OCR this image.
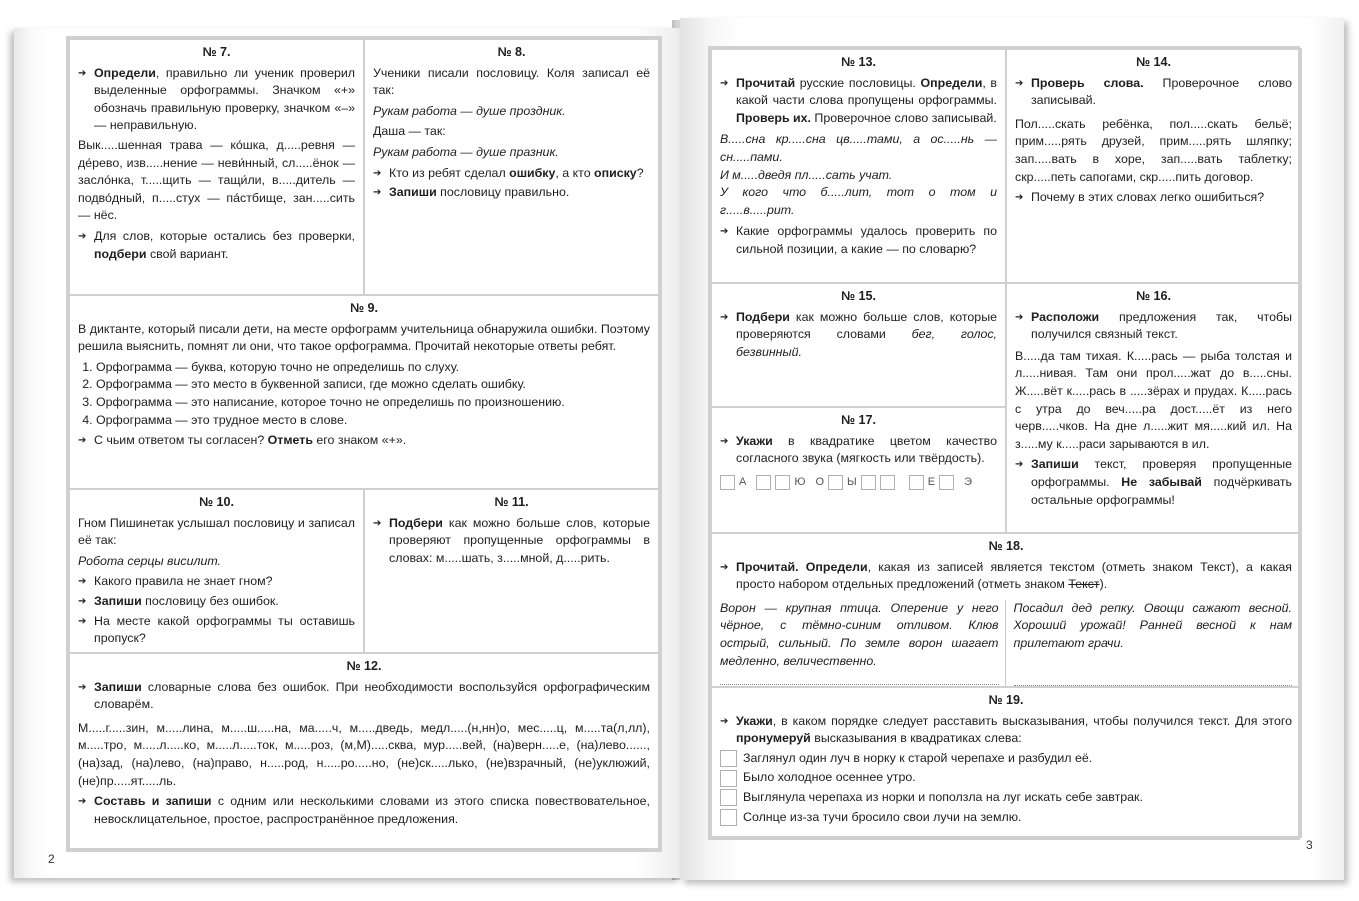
№ 7.
➔ Определи, правильно ли ученик проверил выделенные орфограммы. Значком «+» обозначь правильную проверку, значком «–» — неправильную.

Вык.....шенная трава — ко́шка, д.....ревня — де́рево, изв.....нение — неви́нный, сл.....ёнок — засло́нка, т.....щить — тащи́ли, в.....дитель — подво́дный, п.....стух — па́стбище, зан.....сить — нёс.

➔ Для слов, которые остались без проверки, подбери свой вариант.
№ 8.

Ученики писали пословицу. Коля записал её так:

Рукам работа — душе проздник.

Даша — так:

Рукам работа — душе празник.

➔ Кто из ребят сделал ошибку, а кто описку?
➔ Запиши пословицу правильно.
№ 9.

В диктанте, который писали дети, на месте орфограмм учительница обнаружила ошибки. Поэтому решила выяснить, помнят ли они, что такое орфограмма. Прочитай некоторые ответы ребят.

1. Орфограмма — буква, которую точно не определишь по слуху.
2. Орфограмма — это место в буквенной записи, где можно сделать ошибку.
3. Орфограмма — это написание, которое точно не определишь по произношению.
4. Орфограмма — это трудное место в слове.
➔ С чьим ответом ты согласен? Отметь его знаком «+».
№ 10.

Гном Пишинетак услышал пословицу и записал её так:

Робота серцы висилит.

➔ Какого правила не знает гном?
➔ Запиши пословицу без ошибок.
➔ На месте какой орфограммы ты оставишь пропуск?
№ 11.
➔ Подбери как можно больше слов, которые проверяют пропущенные орфограммы в словах: м.....шать, з.....мной, д.....рить.
№ 12.
➔ Запиши словарные слова без ошибок. При необходимости воспользуйся орфографическим словарём.

М.....г.....зин, м.....лина, м.....ш.....на, ма.....ч, м.....дведь, медл.....(н,нн)о, мес.....ц, м.....та(л,лл), м.....тро, м.....л.....ко, м.....л.....ток, м.....роз, (м,М).....сква, мур.....вей, (на)верн.....е, (на)лево......, (на)зад, (на)лево, (на)право, н.....род, н.....ро.....но, (не)ск.....лько, (не)взрачный, (не)уклюжий, (не)пр.....ят.....ль.

➔ Составь и запиши с одним или несколькими словами из этого списка повествовательное, невосклицательное, простое, распространённое предложения.
2
№ 13.
➔ Прочитай русские пословицы. Определи, в какой части слова пропущены орфограммы. Проверь их. Проверочное слово записывай.

В.....сна кр.....сна цв.....тами, а ос.....нь — сн.....пами.

И м.....дведя пл.....сать учат.

У кого что б.....лит, тот о том и г.....в.....рит.

➔ Какие орфограммы удалось проверить по сильной позиции, а какие — по словарю?
№ 14.
➔ Проверь слова. Проверочное слово записывай.

Пол.....скать ребёнка, пол.....скать бельё; прим.....рять друзей, прим.....рять шляпку; зап.....вать в хоре, зап.....вать таблетку; скр.....петь сапогами, скр.....пить договор.

➔ Почему в этих словах легко ошибиться?
№ 15.
➔ Подбери как можно больше слов, которые проверяются словами бег, голос, безвинный.
№ 16.
➔ Расположи предложения так, чтобы получился связный текст.

В.....да там тихая. К.....рась — рыба толстая и л.....нивая. Там они прол.....жат до в.....сны. Ж.....вёт к.....рась в .....зёрах и прудах. К.....рась с утра до веч.....ра дост.....ёт из него черв.....чков. На дне л.....жит мя.....кий ил. На з.....му к.....раси зарываются в ил.

➔ Запиши текст, проверяя пропущенные орфограммы. Не забывай подчёркивать остальные орфограммы!
№ 17.
➔ Укажи в квадратике цветом качество согласного звука (мягкость или твёрдость).
А	Ю О Ы	Е	Э
№ 18.
➔ Прочитай. Определи, какая из записей является текстом (отметь знаком Текст), а какая просто набором отдельных предложений (отметь знаком Текст).
Ворон — крупная птица. Оперение у него чёрное, с тёмно-синим отливом. Клюв острый, сильный. По земле ворон шагает медленно, величественно.
Посадил дед репку. Овощи сажают весной. Хороший урожай! Ранней весной к нам прилетают грачи.
№ 19.
➔ Укажи, в каком порядке следует расставить высказывания, чтобы получился текст. Для этого пронумеруй высказывания в квадратиках слева:
Заглянул один луч в норку к старой черепахе и разбудил её.
Было холодное осеннее утро.
Выглянула черепаха из норки и поползла на луг искать себе завтрак.
Солнце из-за тучи бросило свои лучи на землю.
3
